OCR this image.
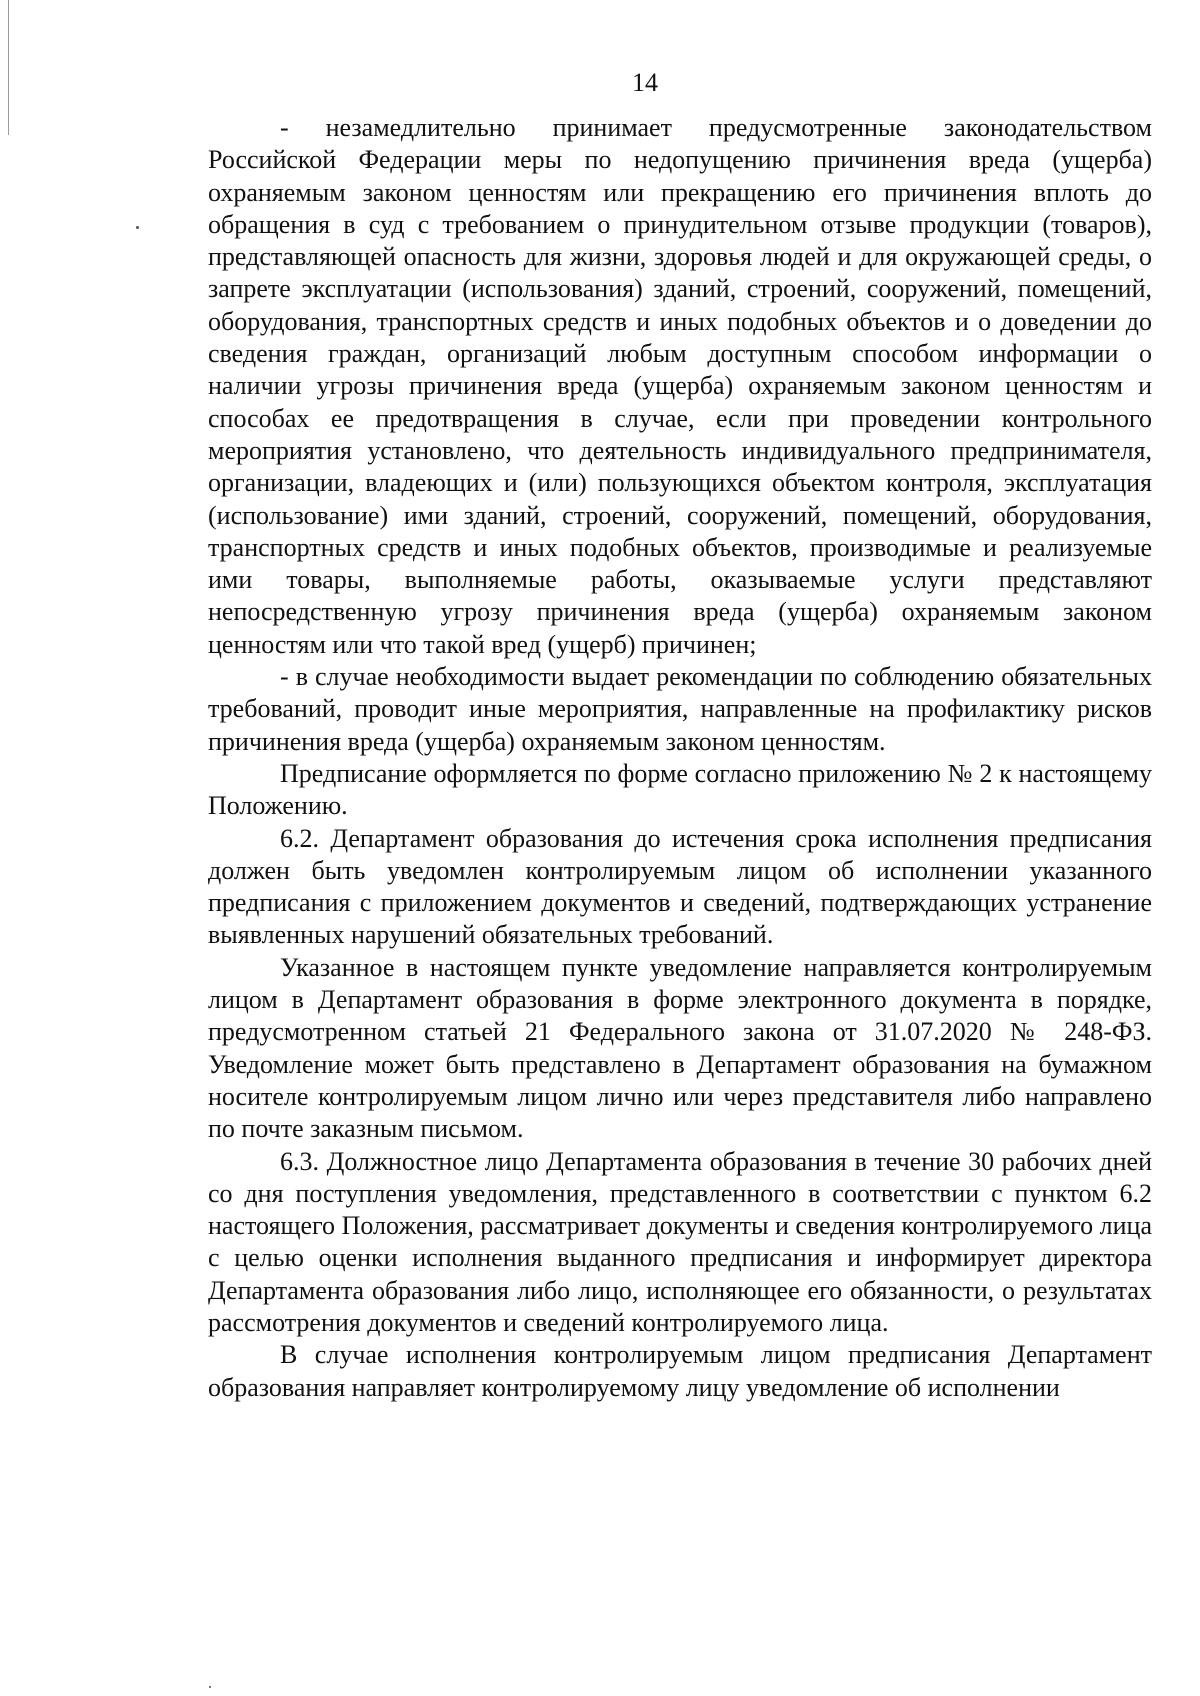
14

- незамедлительно принимает предусмотренные законодательством Российской Федерации меры по недопущению причинения вреда (ущерба) охраняемым законом ценностям или прекращению его причинения вплоть до обращения в суд с требованием о принудительном отзыве продукции (товаров), представляющей опасность для жизни, здоровья людей и для окружающей среды, о запрете эксплуатации (использования) зданий, строений, сооружений, помещений, оборудования, транспортных средств и иных подобных объектов и о доведении до сведения граждан, организаций любым доступным способом информации о наличии угрозы причинения вреда (ущерба) охраняемым законом ценностям и способах ее предотвращения в случае, если при проведении контрольного мероприятия установлено, что деятельность индивидуального предпринимателя, организации, владеющих и (или) пользующихся объектом контроля, эксплуатация (использование) ими зданий, строений, сооружений, помещений, оборудования, транспортных средств и иных подобных объектов, производимые и реализуемые ими товары, выполняемые работы, оказываемые услуги представляют непосредственную угрозу причинения вреда (ущерба) охраняемым законом ценностям или что такой вред (ущерб) причинен;

- в случае необходимости выдает рекомендации по соблюдению обязательных требований, проводит иные мероприятия, направленные на профилактику рисков причинения вреда (ущерба) охраняемым законом ценностям.

Предписание оформляется по форме согласно приложению № 2 к настоящему Положению.

6.2. Департамент образования до истечения срока исполнения предписания должен быть уведомлен контролируемым лицом об исполнении указанного предписания с приложением документов и сведений, подтверждающих устранение выявленных нарушений обязательных требований.

Указанное в настоящем пункте уведомление направляется контролируемым лицом в Департамент образования в форме электронного документа в порядке, предусмотренном статьей 21 Федерального закона от 31.07.2020 № 248-ФЗ. Уведомление может быть представлено в Департамент образования на бумажном носителе контролируемым лицом лично или через представителя либо направлено по почте заказным письмом.

6.3. Должностное лицо Департамента образования в течение 30 рабочих дней со дня поступления уведомления, представленного в соответствии с пунктом 6.2 настоящего Положения, рассматривает документы и сведения контролируемого лица с целью оценки исполнения выданного предписания и информирует директора Департамента образования либо лицо, исполняющее его обязанности, о результатах рассмотрения документов и сведений контролируемого лица.

В случае исполнения контролируемым лицом предписания Департамент образования направляет контролируемому лицу уведомление об исполнении
